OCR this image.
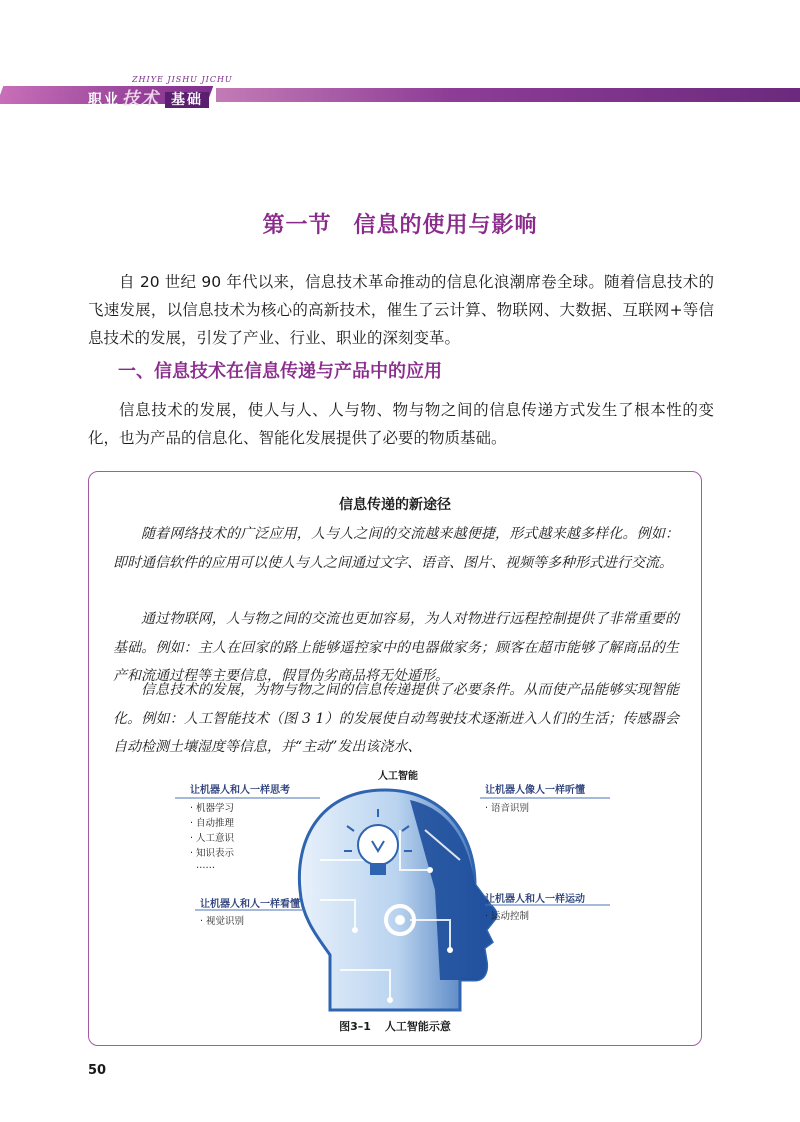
ZHIYE JISHU JICHU
职业 技术 基础
第一节 信息的使用与影响

自 20 世纪 90 年代以来，信息技术革命推动的信息化浪潮席卷全球。随着信息技术的飞速发展，以信息技术为核心的高新技术，催生了云计算、物联网、大数据、互联网+等信息技术的发展，引发了产业、行业、职业的深刻变革。

一、信息技术在信息传递与产品中的应用

信息技术的发展，使人与人、人与物、物与物之间的信息传递方式发生了根本性的变化，也为产品的信息化、智能化发展提供了必要的物质基础。

信息传递的新途径

随着网络技术的广泛应用，人与人之间的交流越来越便捷，形式越来越多样化。例如：即时通信软件的应用可以使人与人之间通过文字、语音、图片、视频等多种形式进行交流。

通过物联网，人与物之间的交流也更加容易，为人对物进行远程控制提供了非常重要的基础。例如：主人在回家的路上能够遥控家中的电器做家务；顾客在超市能够了解商品的生产和流通过程等主要信息，假冒伪劣商品将无处遁形。

信息技术的发展，为物与物之间的信息传递提供了必要条件。从而使产品能够实现智能化。例如：人工智能技术（图 3 1）的发展使自动驾驶技术逐渐进入人们的生活；传感器会自动检测土壤湿度等信息，并“主动”发出该浇水、

人工智能
让机器人和人一样思考
· 机器学习
· 自动推理
· 人工意识
· 知识表示
……
让机器人像人一样听懂
· 语音识别
让机器人和人一样看懂
· 视觉识别
让机器人和人一样运动
· 运动控制
图3–1 人工智能示意
50
